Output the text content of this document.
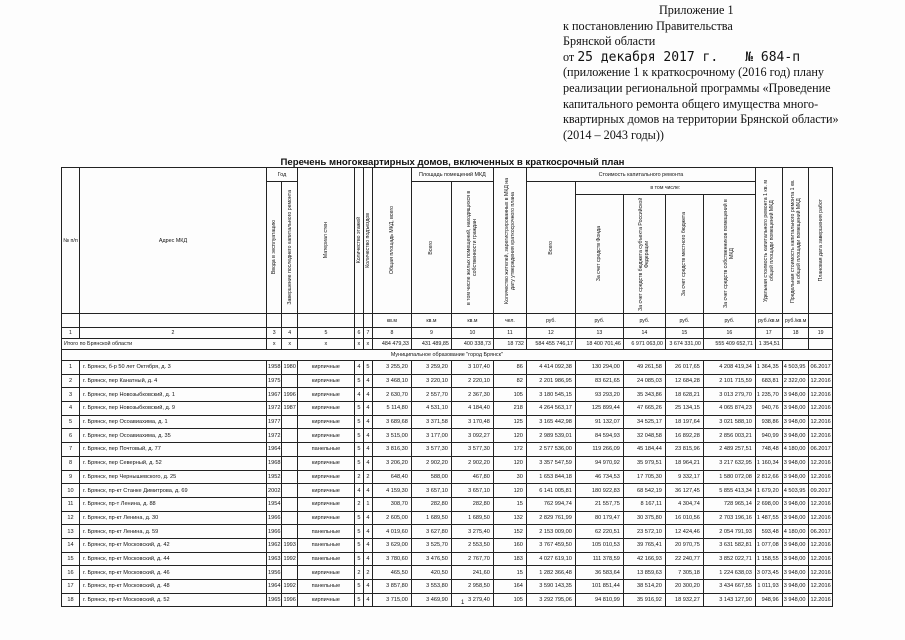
Приложение 1
к постановлению Правительства
Брянской области
от 25 декабря 2017 г. № 684-п
(приложение 1 к краткосрочному (2016 год) плану
реализации региональной программы «Проведение
капитального ремонта общего имущества много-
квартирных домов на территории Брянской области»
(2014 – 2043 годы))
Перечень многоквартирных домов, включенных в краткосрочный план
№ п/п	Адрес МКД	Год		Материал стен	Количество этажей	Количество подъездов	Общая площадь МКД, всего	Площадь помещений МКД		Количество жителей, зарегистрированных в МКД на дату утверждения краткосрочного плана	Стоимость капитального ремонта					Удельная стоимость капитального ремонта 1 кв. м общей площади помещений МКД	Предельная стоимость капитального ремонта 1 кв. м общей площади помещений МКД	Плановая дата завершения работ

		Ввода в эксплуатацию	Завершение последнего капитального ремонта					Всего	в том числе жилых помещений, находящихся в собственности граждан		Всего	в том числе:
За счет средств Фонда За счет средств бюджета субъекта Российской Федерации За счет средств местного бюджета За счет средств собственников помещений в МКД						

							кв.м	кв.м	кв.м	чел.	руб.	руб.	руб.	руб.	руб.	руб./кв.м	руб./кв.м	
1	2	3	4	5	6	7	8	9	10	11	12	13	14	15	16	17	18	19
Итого по Брянской области		х	х	х	х	х	484 479,33	431 489,85	400 338,73	18 732	584 455 746,17	18 400 701,46	6 971 063,00	3 674 331,00	555 409 652,71	1 354,51		
Муниципальное образование "город Брянск"																		
1	г. Брянск, б-р 50 лет Октября, д. 3	1958	1980	кирпичные	4	5	3 255,20	3 259,20	3 107,40	86	4 414 092,38	130 294,00	49 261,58	26 017,65	4 208 419,34	1 364,35	4 503,95	06.2017
2	г. Брянск, пер Канатный, д. 4	1975		кирпичные	5	4	3 468,10	3 220,10	2 220,10	82	2 201 986,95	83 621,65	24 085,03	12 684,28	2 101 715,59	683,81	2 322,00	12.2016
3	г. Брянск, пер Новозыбковский, д. 1	1967	1996	кирпичные	4	4	2 630,70	2 557,70	2 367,30	105	3 180 545,15	93 293,20	35 343,86	18 628,21	3 013 279,70	1 235,70	3 948,00	12.2016
4	г. Брянск, пер Новозыбковский, д. 9	1972	1987	кирпичные	5	4	5 114,80	4 531,10	4 184,40	218	4 264 563,17	125 899,44	47 665,26	25 134,15	4 065 874,23	940,76	3 948,00	12.2016
5	г. Брянск, пер Осоавиахима, д. 1	1977		кирпичные	5	4	3 689,68	3 371,58	3 170,48	125	3 165 442,98	91 132,07	34 525,17	18 197,64	3 021 588,10	938,86	3 948,00	12.2016
6	г. Брянск, пер Осоавиахима, д. 35	1972		кирпичные	5	4	3 515,00	3 177,00	3 092,27	120	2 989 539,01	84 594,93	32 048,58	16 892,28	2 856 003,21	940,99	3 948,00	12.2016
7	г. Брянск, пер Почтовый, д. 77	1964		панельные	5	4	3 816,30	3 577,30	3 577,30	172	2 577 536,00	119 266,09	45 184,44	23 815,96	2 489 257,51	748,48	4 180,00	06.2017
8	г. Брянск, пер Северный, д. 52	1968		кирпичные	5	4	3 206,20	2 902,20	2 902,20	120	3 357 547,59	94 970,92	35 979,51	18 964,21	3 217 632,95	1 160,34	3 948,00	12.2016
9	г. Брянск, пер Чернышевского, д. 25	1952		кирпичные	2	2	648,40	588,00	467,80	30	1 653 844,18	46 734,53	17 705,30	9 332,17	1 580 072,08	2 812,66	3 948,00	12.2016
10	г. Брянск, пр-кт Станке Димитрова, д. 69	2002		кирпичные	4	4	4 159,30	3 657,10	3 657,10	120	6 141 005,81	180 922,83	68 542,19	36 127,45	5 855 413,34	1 679,20	4 503,95	09.2017
11	г. Брянск, пр-т Ленина, д. 88	1954		кирпичные	2	1	308,70	282,80	282,80	15	762 994,74	21 557,75	8 167,11	4 304,74	728 965,14	2 698,00	3 948,00	12.2016
12	г. Брянск, пр-кт Ленина, д. 30	1966		кирпичные	5	4	2 605,00	1 689,50	1 689,50	132	2 829 761,99	80 179,47	30 375,80	16 010,56	2 703 196,16	1 487,55	3 948,00	12.2016
13	г. Брянск, пр-кт Ленина, д. 59	1966		панельные	5	4	4 019,60	3 627,80	3 275,40	152	2 153 009,00	62 220,51	23 572,10	12 424,46	2 054 791,93	593,48	4 180,00	06.2017
14	г. Брянск, пр-кт Московский, д. 42	1962	1993	панельные	5	4	3 629,00	3 525,70	2 553,50	160	3 767 459,50	105 010,53	39 765,41	20 970,75	3 631 582,81	1 077,08	3 948,00	12.2016
15	г. Брянск, пр-кт Московский, д. 44	1963	1992	панельные	5	4	3 780,60	3 476,50	2 767,70	183	4 027 619,10	111 378,59	42 166,93	22 240,77	3 852 022,71	1 158,55	3 948,00	12.2016
16	г. Брянск, пр-кт Московский, д. 46	1956		кирпичные	2	2	465,50	420,50	241,60	15	1 282 366,48	36 583,64	13 859,63	7 305,18	1 224 638,03	3 073,45	3 948,00	12.2016
17	г. Брянск, пр-кт Московский, д. 48	1964	1992	панельные	5	4	3 857,80	3 553,80	2 958,50	164	3 590 143,35	101 851,44	38 514,20	20 300,20	3 434 667,55	1 011,93	3 948,00	12.2016
18	г. Брянск, пр-кт Московский, д. 52	1965	1996	кирпичные	5	4	3 715,00	3 469,90	3 279,40	105	3 292 795,06	94 810,99	35 916,92	18 932,27	3 143 127,90	948,96	3 948,00	12.2016
1
